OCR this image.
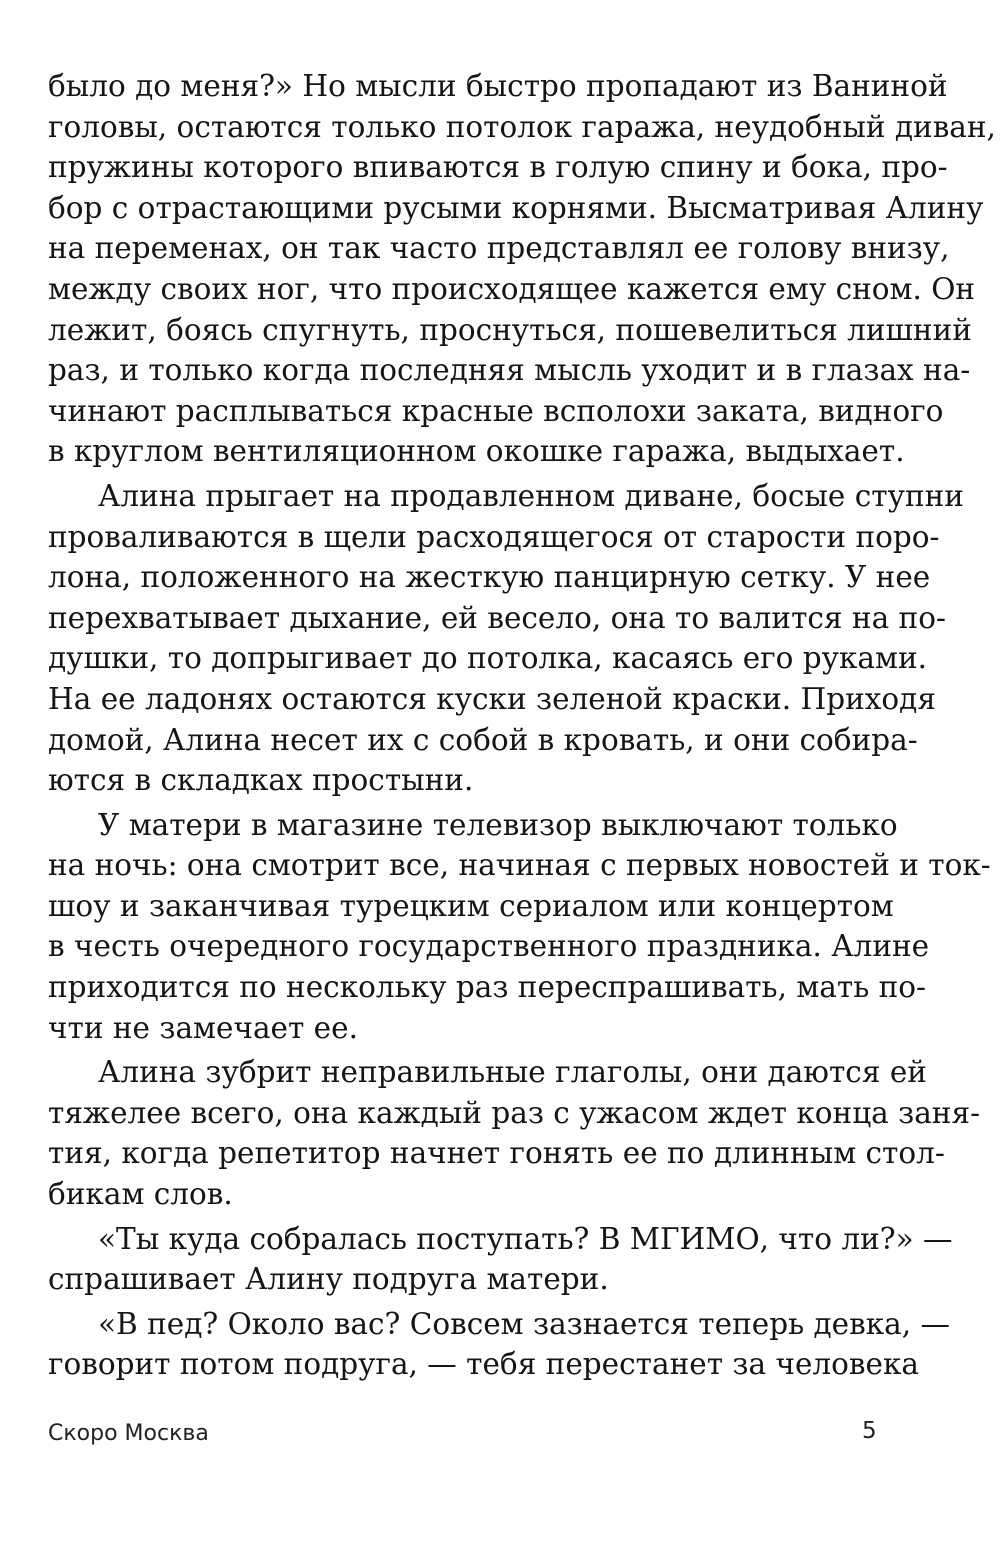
было до меня?» Но мысли быстро пропадают из Ваниной
головы, остаются только потолок гаража, неудобный диван,
пружины которого впиваются в голую спину и бока, про-
бор с отрастающими русыми корнями. Высматривая Алину
на переменах, он так часто представлял ее голову внизу,
между своих ног, что происходящее кажется ему сном. Он
лежит, боясь спугнуть, проснуться, пошевелиться лишний
раз, и только когда последняя мысль уходит и в глазах на-
чинают расплываться красные всполохи заката, видного
в круглом вентиляционном окошке гаража, выдыхает.
Алина прыгает на продавленном диване, босые ступни
проваливаются в щели расходящегося от старости поро-
лона, положенного на жесткую панцирную сетку. У нее
перехватывает дыхание, ей весело, она то валится на по-
душки, то допрыгивает до потолка, касаясь его руками.
На ее ладонях остаются куски зеленой краски. Приходя
домой, Алина несет их с собой в кровать, и они собира-
ются в складках простыни.
У матери в магазине телевизор выключают только
на ночь: она смотрит все, начиная с первых новостей и ток-
шоу и заканчивая турецким сериалом или концертом
в честь очередного государственного праздника. Алине
приходится по нескольку раз переспрашивать, мать по-
чти не замечает ее.
Алина зубрит неправильные глаголы, они даются ей
тяжелее всего, она каждый раз с ужасом ждет конца заня-
тия, когда репетитор начнет гонять ее по длинным стол-
бикам слов.
«Ты куда собралась поступать? В МГИМО, что ли?» —
спрашивает Алину подруга матери.
«В пед? Около вас? Совсем зазнается теперь девка, —
говорит потом подруга, — тебя перестанет за человека
Скоро Москва	5
